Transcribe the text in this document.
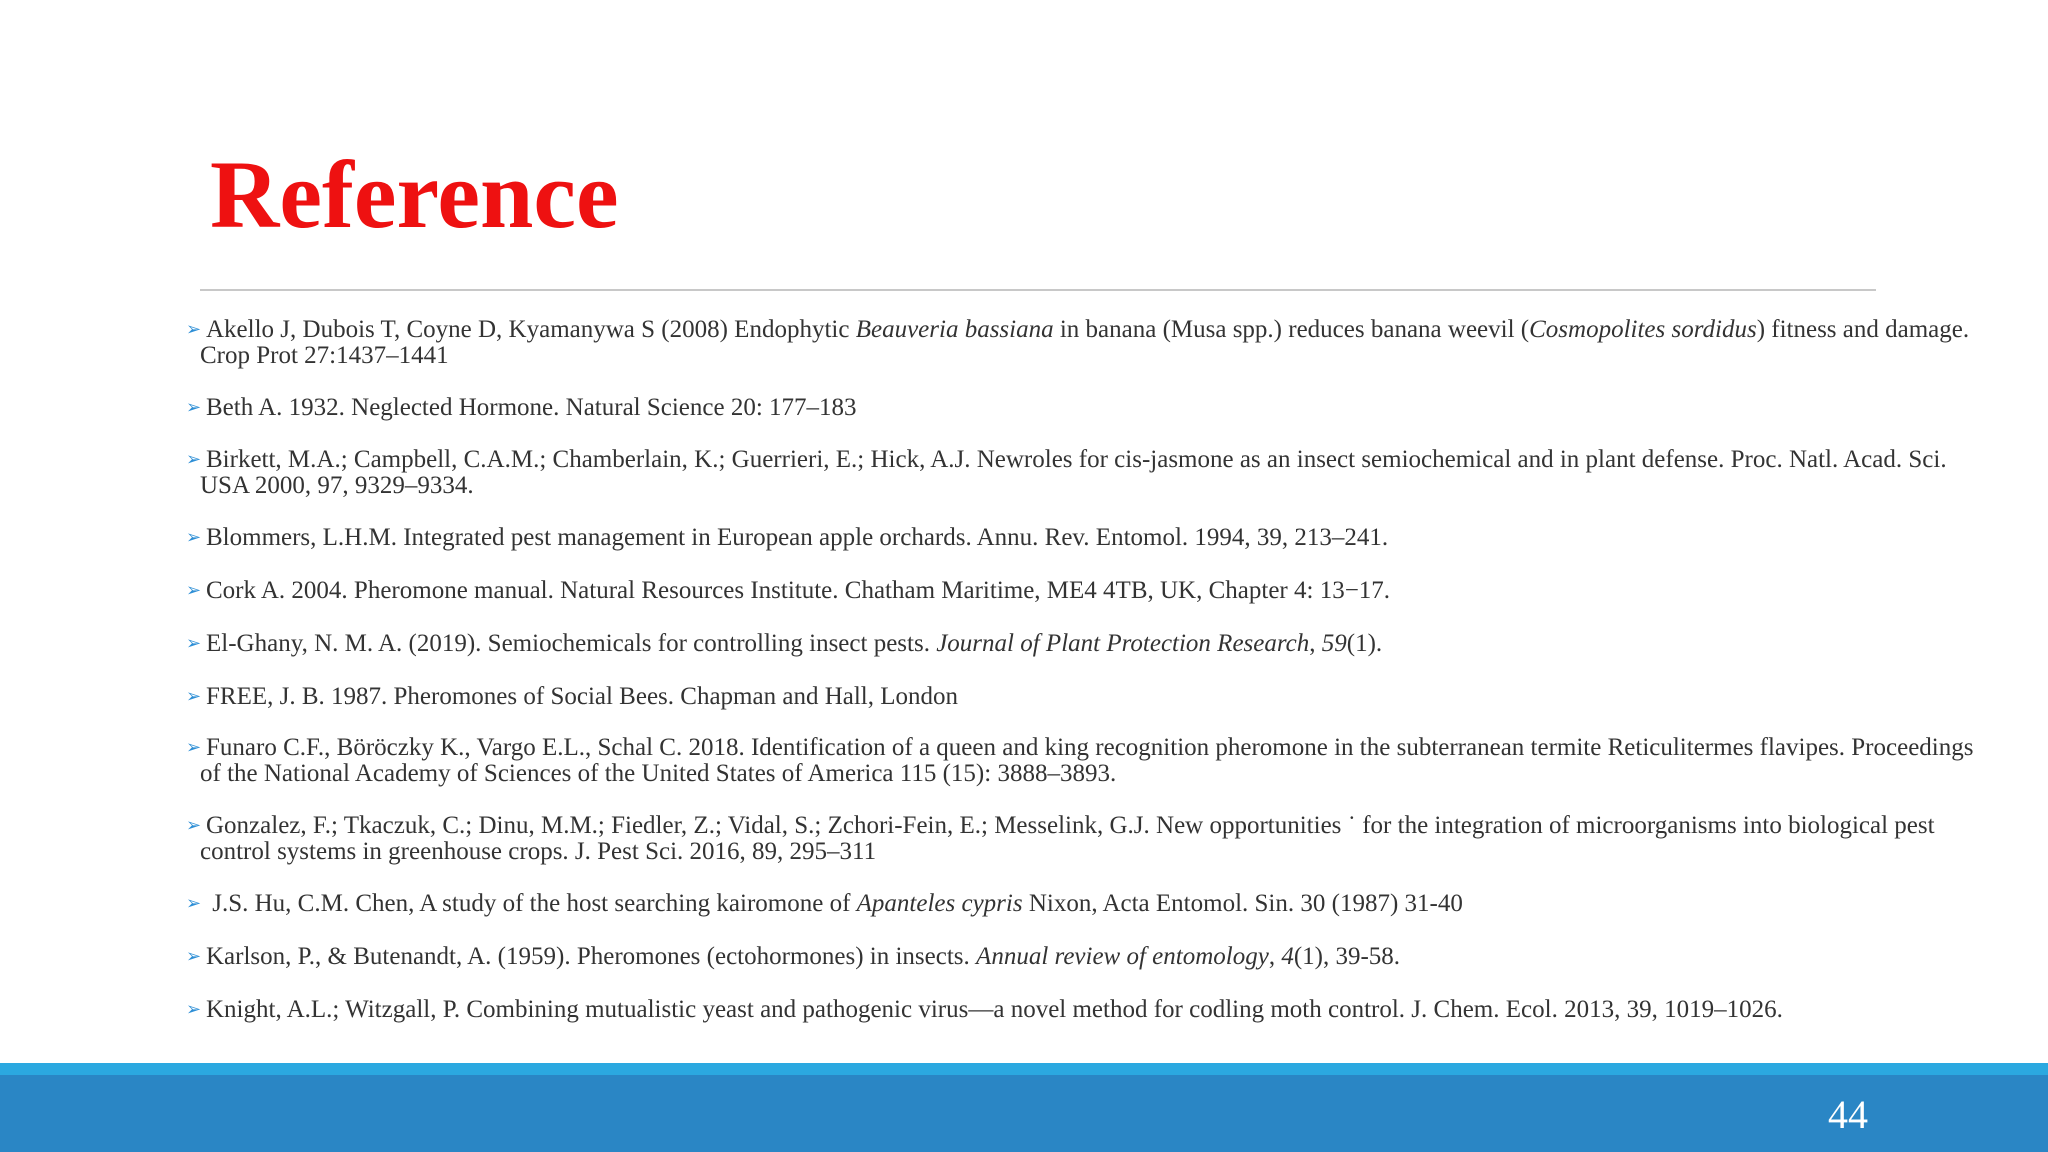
Reference
➢ Akello J, Dubois T, Coyne D, Kyamanywa S (2008) Endophytic Beauveria bassiana in banana (Musa spp.) reduces banana weevil (Cosmopolites sordidus) fitness and damage. Crop Prot 27:1437–1441
➢ Beth A. 1932. Neglected Hormone. Natural Science 20: 177–183
➢ Birkett, M.A.; Campbell, C.A.M.; Chamberlain, K.; Guerrieri, E.; Hick, A.J. Newroles for cis-jasmone as an insect semiochemical and in plant defense. Proc. Natl. Acad. Sci. USA 2000, 97, 9329–9334.
➢ Blommers, L.H.M. Integrated pest management in European apple orchards. Annu. Rev. Entomol. 1994, 39, 213–241.
➢ Cork A. 2004. Pheromone manual. Natural Resources Institute. Chatham Maritime, ME4 4TB, UK, Chapter 4: 13−17.
➢ El-Ghany, N. M. A. (2019). Semiochemicals for controlling insect pests. Journal of Plant Protection Research, 59(1).
➢ FREE, J. B. 1987. Pheromones of Social Bees. Chapman and Hall, London
➢ Funaro C.F., Böröczky K., Vargo E.L., Schal C. 2018. Identification of a queen and king recognition pheromone in the subterranean termite Reticulitermes flavipes. Proceedings of the National Academy of Sciences of the United States of America 115 (15): 3888–3893.
➢ Gonzalez, F.; Tkaczuk, C.; Dinu, M.M.; Fiedler, Z.; Vidal, S.; Zchori-Fein, E.; Messelink, G.J. New opportunities ˙ for the integration of microorganisms into biological pest control systems in greenhouse crops. J. Pest Sci. 2016, 89, 295–311
➢ J.S. Hu, C.M. Chen, A study of the host searching kairomone of Apanteles cypris Nixon, Acta Entomol. Sin. 30 (1987) 31-40
➢ Karlson, P., & Butenandt, A. (1959). Pheromones (ectohormones) in insects. Annual review of entomology, 4(1), 39-58.
➢ Knight, A.L.; Witzgall, P. Combining mutualistic yeast and pathogenic virus—a novel method for codling moth control. J. Chem. Ecol. 2013, 39, 1019–1026.
44
